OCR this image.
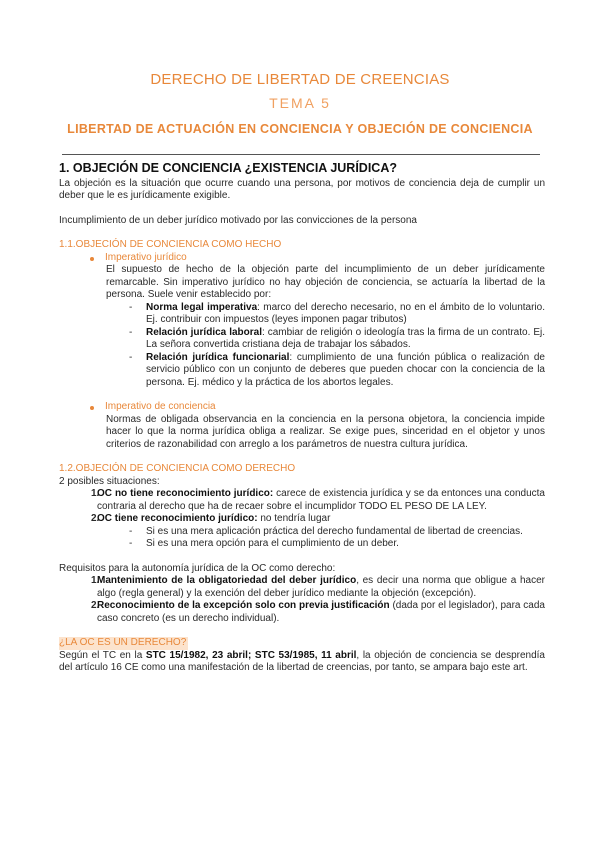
DERECHO DE LIBERTAD DE CREENCIAS
TEMA 5
LIBERTAD DE ACTUACIÓN EN CONCIENCIA Y OBJECIÓN DE CONCIENCIA
1. OBJECIÓN DE CONCIENCIA ¿EXISTENCIA JURÍDICA?

La objeción es la situación que ocurre cuando una persona, por motivos de conciencia deja de cumplir un deber que le es jurídicamente exigible.

Incumplimiento de un deber jurídico motivado por las convicciones de la persona

1.1.OBJECIÓN DE CONCIENCIA COMO HECHO
Imperativo jurídico

El supuesto de hecho de la objeción parte del incumplimiento de un deber jurídicamente remarcable. Sin imperativo jurídico no hay objeción de conciencia, se actuaría la libertad de la persona. Suele venir establecido por:

- Norma legal imperativa: marco del derecho necesario, no en el ámbito de lo voluntario. Ej. contribuir con impuestos (leyes imponen pagar tributos)
- Relación jurídica laboral: cambiar de religión o ideología tras la firma de un contrato. Ej. La señora convertida cristiana deja de trabajar los sábados.
- Relación jurídica funcionarial: cumplimiento de una función pública o realización de servicio público con un conjunto de deberes que pueden chocar con la conciencia de la persona. Ej. médico y la práctica de los abortos legales.
Imperativo de conciencia

Normas de obligada observancia en la conciencia en la persona objetora, la conciencia impide hacer lo que la norma jurídica obliga a realizar. Se exige pues, sinceridad en el objetor y unos criterios de razonabilidad con arreglo a los parámetros de nuestra cultura jurídica.

1.2.OBJECIÓN DE CONCIENCIA COMO DERECHO

2 posibles situaciones:

1.
OC no tiene reconocimiento jurídico: carece de existencia jurídica y se da entonces una conducta contraria al derecho que ha de recaer sobre el incumplidor TODO EL PESO DE LA LEY.
2.
OC tiene reconocimiento jurídico: no tendría lugar
- Si es una mera aplicación práctica del derecho fundamental de libertad de creencias.
- Si es una mera opción para el cumplimiento de un deber.

Requisitos para la autonomía jurídica de la OC como derecho:

1.
Mantenimiento de la obligatoriedad del deber jurídico, es decir una norma que obligue a hacer algo (regla general) y la exención del deber jurídico mediante la objeción (excepción).
2.
Reconocimiento de la excepción solo con previa justificación (dada por el legislador), para cada caso concreto (es un derecho individual).
¿LA OC ES UN DERECHO?

Según el TC en la STC 15/1982, 23 abril; STC 53/1985, 11 abril, la objeción de conciencia se desprendía del artículo 16 CE como una manifestación de la libertad de creencias, por tanto, se ampara bajo este art.
